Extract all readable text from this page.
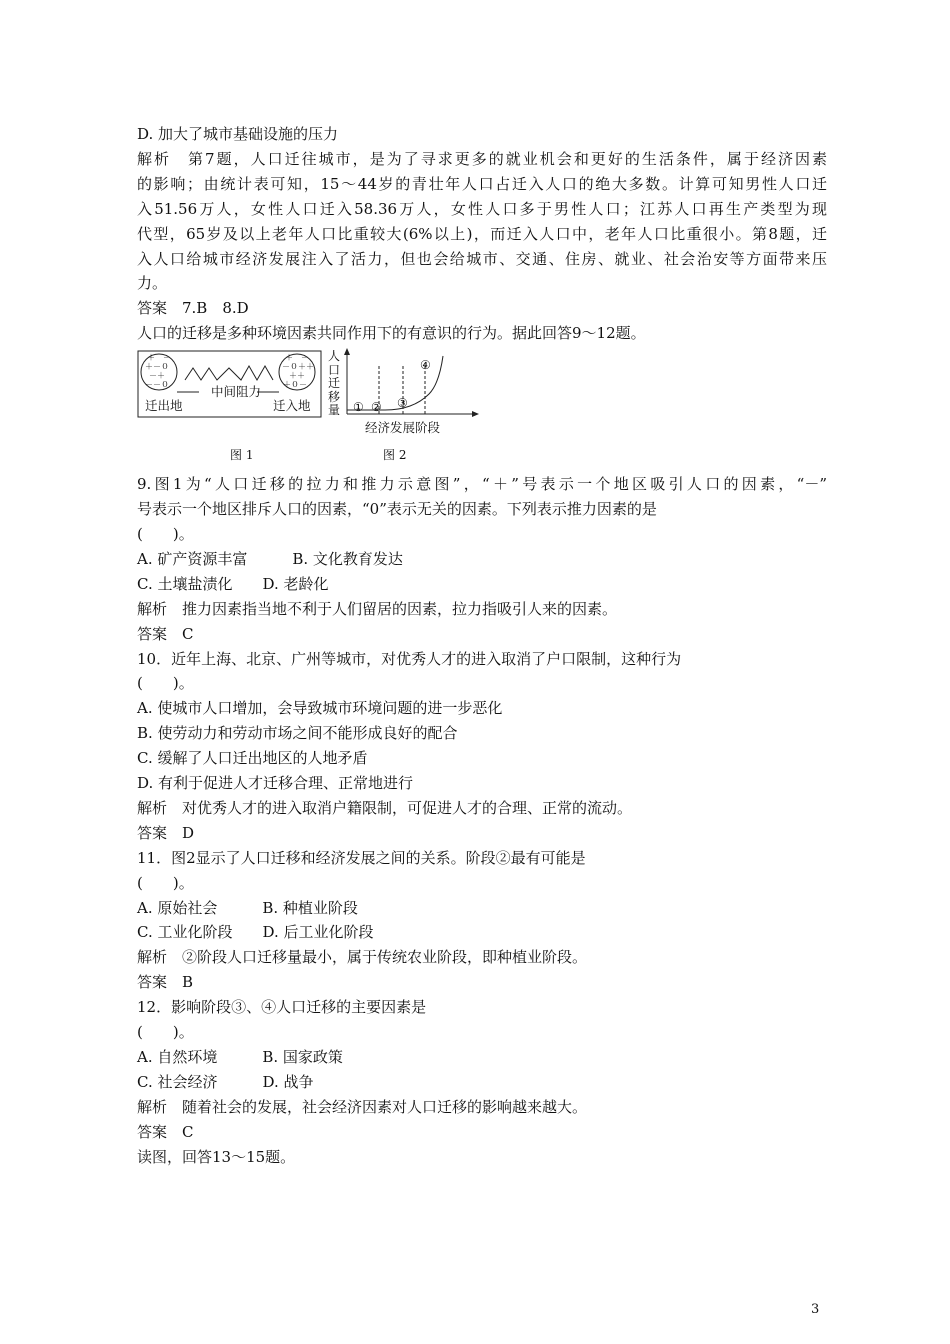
D. 加大了城市基础设施的压力
解析　第7题，人口迁往城市，是为了寻求更多的就业机会和更好的生活条件，属于经济因素
的影响；由统计表可知，15～44岁的青壮年人口占迁入人口的绝大多数。计算可知男性人口迁
入51.56万人，女性人口迁入58.36万人，女性人口多于男性人口；江苏人口再生产类型为现
代型，65岁及以上老年人口比重较大(6%以上)，而迁入人口中，老年人口比重很小。第8题，迁
入人口给城市经济发展注入了活力，但也会给城市、交通、住房、就业、社会治安等方面带来压
力。
答案　7.B　8.D
人口的迁移是多种环境因素共同作用下的有意识的行为。据此回答9～12题。
＋　－
＋－０
－＋
－－０
＋　－
－０＋＋
＋＋
＋０－
中间阻力
迁出地	迁入地
人口迁移量 ① ② ③
④
经济发展阶段
图 1	图 2
9.图1为“人口迁移的拉力和推力示意图”，“＋”号表示一个地区吸引人口的因素，“－”
号表示一个地区排斥人口的因素，“0”表示无关的因素。下列表示推力因素的是
(　　)。
A. 矿产资源丰富　　　B. 文化教育发达
C. 土壤盐渍化　　D. 老龄化
解析　推力因素指当地不利于人们留居的因素，拉力指吸引人来的因素。
答案　C
10．近年上海、北京、广州等城市，对优秀人才的进入取消了户口限制，这种行为
(　　)。
A. 使城市人口增加，会导致城市环境问题的进一步恶化
B. 使劳动力和劳动市场之间不能形成良好的配合
C. 缓解了人口迁出地区的人地矛盾
D. 有利于促进人才迁移合理、正常地进行
解析　对优秀人才的进入取消户籍限制，可促进人才的合理、正常的流动。
答案　D
11．图2显示了人口迁移和经济发展之间的关系。阶段②最有可能是
(　　)。
A. 原始社会　　　B. 种植业阶段
C. 工业化阶段　　D. 后工业化阶段
解析　②阶段人口迁移量最小，属于传统农业阶段，即种植业阶段。
答案　B
12．影响阶段③、④人口迁移的主要因素是
(　　)。
A. 自然环境　　　B. 国家政策
C. 社会经济　　　D. 战争
解析　随着社会的发展，社会经济因素对人口迁移的影响越来越大。
答案　C
读图，回答13～15题。
3
